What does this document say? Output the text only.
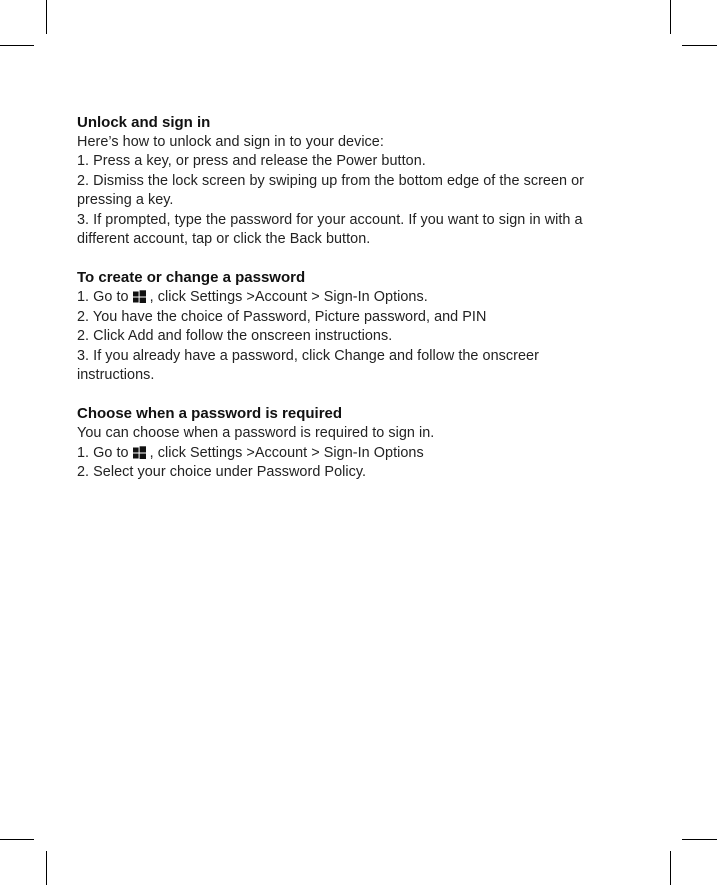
Unlock and sign in

Here’s how to unlock and sign in to your device:

1. Press a key, or press and release the Power button.

2. Dismiss the lock screen by swiping up from the bottom edge of the screen or

pressing a key.

3. If prompted, type the password for your account. If you want to sign in with a

different account, tap or click the Back button.

To create or change a password

1. Go to , click Settings >Account > Sign-In Options.

2. You have the choice of Password, Picture password, and PIN

2. Click Add and follow the onscreen instructions.

3. If you already have a password, click Change and follow the onscreer

instructions.

Choose when a password is required

You can choose when a password is required to sign in.

1. Go to , click Settings >Account > Sign-In Options

2. Select your choice under Password Policy.
